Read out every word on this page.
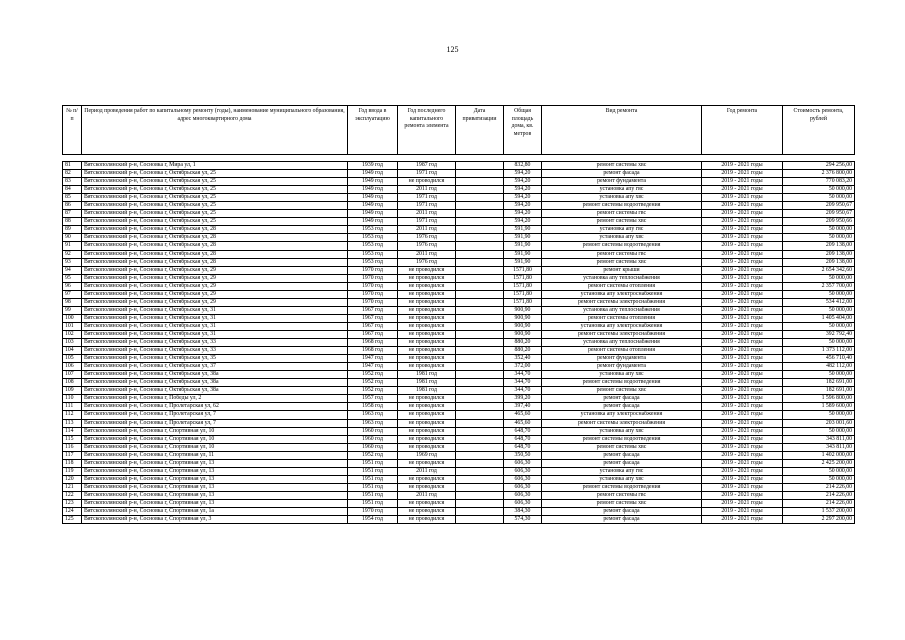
125
№ п/п	Период проведения работ по капитальному ремонту (годы), наименование муниципального образования, адрес многоквартирного дома	Год ввода в эксплуатацию	Год последнего капитального ремонта элемента	Дата приватизации	Общая площадь дома, кв. метров	Вид ремонта	Год ремонта	Стоимость ремонта, рублей

81	Вятскополянский р-н, Сосновка г, Мира ул, 1	1939 год	1987 год		832,80	ремонт системы хвс	2019 - 2021 годы	294 256,00
82	Вятскополянский р-н, Сосновка г, Октябрьская ул, 25	1949 год	1971 год		594,20	ремонт фасада	2019 - 2021 годы	2 376 800,00
83	Вятскополянский р-н, Сосновка г, Октябрьская ул, 25	1949 год	не проводился		594,20	ремонт фундамента	2019 - 2021 годы	770 083,20
84	Вятскополянский р-н, Сосновка г, Октябрьская ул, 25	1949 год	2011 год		594,20	установка апу гвс	2019 - 2021 годы	50 000,00
85	Вятскополянский р-н, Сосновка г, Октябрьская ул, 25	1949 год	1971 год		594,20	установка апу хвс	2019 - 2021 годы	50 000,00
86	Вятскополянский р-н, Сосновка г, Октябрьская ул, 25	1949 год	1971 год		594,20	ремонт системы водоотведения	2019 - 2021 годы	209 950,67
87	Вятскополянский р-н, Сосновка г, Октябрьская ул, 25	1949 год	2011 год		594,20	ремонт системы гвс	2019 - 2021 годы	209 950,67
88	Вятскополянский р-н, Сосновка г, Октябрьская ул, 25	1949 год	1971 год		594,20	ремонт системы хвс	2019 - 2021 годы	209 950,66
89	Вятскополянский р-н, Сосновка г, Октябрьская ул, 28	1953 год	2011 год		591,90	установка апу гвс	2019 - 2021 годы	50 000,00
90	Вятскополянский р-н, Сосновка г, Октябрьская ул, 28	1953 год	1976 год		591,90	установка апу хвс	2019 - 2021 годы	50 000,00
91	Вятскополянский р-н, Сосновка г, Октябрьская ул, 28	1953 год	1976 год		591,90	ремонт системы водоотведения	2019 - 2021 годы	209 138,00
92	Вятскополянский р-н, Сосновка г, Октябрьская ул, 28	1953 год	2011 год		591,90	ремонт системы гвс	2019 - 2021 годы	209 138,00
93	Вятскополянский р-н, Сосновка г, Октябрьская ул, 28	1953 год	1976 год		591,90	ремонт системы хвс	2019 - 2021 годы	209 138,00
94	Вятскополянский р-н, Сосновка г, Октябрьская ул, 29	1970 год	не проводился		1571,80	ремонт крыши	2019 - 2021 годы	2 654 342,60
95	Вятскополянский р-н, Сосновка г, Октябрьская ул, 29	1970 год	не проводился		1571,80	установка апу теплоснабжения	2019 - 2021 годы	50 000,00
96	Вятскополянский р-н, Сосновка г, Октябрьская ул, 29	1970 год	не проводился		1571,80	ремонт системы отопления	2019 - 2021 годы	2 357 700,00
97	Вятскополянский р-н, Сосновка г, Октябрьская ул, 29	1970 год	не проводился		1571,80	установка апу электроснабжения	2019 - 2021 годы	50 000,00
98	Вятскополянский р-н, Сосновка г, Октябрьская ул, 29	1970 год	не проводился		1571,80	ремонт системы электроснабжения	2019 - 2021 годы	534 412,00
99	Вятскополянский р-н, Сосновка г, Октябрьская ул, 31	1967 год	не проводился		900,90	установка апу теплоснабжения	2019 - 2021 годы	50 000,00
100	Вятскополянский р-н, Сосновка г, Октябрьская ул, 31	1967 год	не проводился		900,90	ремонт системы отопления	2019 - 2021 годы	1 405 404,00
101	Вятскополянский р-н, Сосновка г, Октябрьская ул, 31	1967 год	не проводился		900,90	установка апу электроснабжения	2019 - 2021 годы	50 000,00
102	Вятскополянский р-н, Сосновка г, Октябрьская ул, 31	1967 год	не проводился		900,90	ремонт системы электроснабжения	2019 - 2021 годы	392 792,40
103	Вятскополянский р-н, Сосновка г, Октябрьская ул, 33	1968 год	не проводился		880,20	установка апу теплоснабжения	2019 - 2021 годы	50 000,00
104	Вятскополянский р-н, Сосновка г, Октябрьская ул, 33	1968 год	не проводился		880,20	ремонт системы отопления	2019 - 2021 годы	1 373 112,00
105	Вятскополянский р-н, Сосновка г, Октябрьская ул, 35	1947 год	не проводился		352,40	ремонт фундамента	2019 - 2021 годы	456 710,40
106	Вятскополянский р-н, Сосновка г, Октябрьская ул, 37	1947 год	не проводился		372,00	ремонт фундамента	2019 - 2021 годы	482 112,00
107	Вятскополянский р-н, Сосновка г, Октябрьская ул, 38а	1952 год	1981 год		344,70	установка апу хвс	2019 - 2021 годы	50 000,00
108	Вятскополянский р-н, Сосновка г, Октябрьская ул, 38а	1952 год	1981 год		344,70	ремонт системы водоотведения	2019 - 2021 годы	182 691,00
109	Вятскополянский р-н, Сосновка г, Октябрьская ул, 38а	1952 год	1981 год		344,70	ремонт системы хвс	2019 - 2021 годы	182 691,00
110	Вятскополянский р-н, Сосновка г, Победы ул, 2	1957 год	не проводился		399,20	ремонт фасада	2019 - 2021 годы	1 596 800,00
111	Вятскополянский р-н, Сосновка г, Пролетарская ул, 62	1958 год	не проводился		397,40	ремонт фасада	2019 - 2021 годы	1 589 600,00
112	Вятскополянский р-н, Сосновка г, Пролетарская ул, 7	1963 год	не проводился		465,60	установка апу электроснабжения	2019 - 2021 годы	50 000,00
113	Вятскополянский р-н, Сосновка г, Пролетарская ул, 7	1963 год	не проводился		465,60	ремонт системы электроснабжения	2019 - 2021 годы	203 001,60
114	Вятскополянский р-н, Сосновка г, Спортивная ул, 10	1960 год	не проводился		648,70	установка апу хвс	2019 - 2021 годы	50 000,00
115	Вятскополянский р-н, Сосновка г, Спортивная ул, 10	1960 год	не проводился		648,70	ремонт системы водоотведения	2019 - 2021 годы	343 811,00
116	Вятскополянский р-н, Сосновка г, Спортивная ул, 10	1960 год	не проводился		648,70	ремонт системы хвс	2019 - 2021 годы	343 811,00
117	Вятскополянский р-н, Сосновка г, Спортивная ул, 11	1952 год	1969 год		350,50	ремонт фасада	2019 - 2021 годы	1 402 000,00
118	Вятскополянский р-н, Сосновка г, Спортивная ул, 13	1951 год	не проводился		606,30	ремонт фасада	2019 - 2021 годы	2 425 200,00
119	Вятскополянский р-н, Сосновка г, Спортивная ул, 13	1951 год	2011 год		606,30	установка апу гвс	2019 - 2021 годы	50 000,00
120	Вятскополянский р-н, Сосновка г, Спортивная ул, 13	1951 год	не проводился		606,30	установка апу хвс	2019 - 2021 годы	50 000,00
121	Вятскополянский р-н, Сосновка г, Спортивная ул, 13	1951 год	не проводился		606,30	ремонт системы водоотведения	2019 - 2021 годы	214 226,00
122	Вятскополянский р-н, Сосновка г, Спортивная ул, 13	1951 год	2011 год		606,30	ремонт системы гвс	2019 - 2021 годы	214 226,00
123	Вятскополянский р-н, Сосновка г, Спортивная ул, 13	1951 год	не проводился		606,30	ремонт системы хвс	2019 - 2021 годы	214 226,00
124	Вятскополянский р-н, Сосновка г, Спортивная ул, 1а	1970 год	не проводился		384,30	ремонт фасада	2019 - 2021 годы	1 537 200,00
125	Вятскополянский р-н, Сосновка г, Спортивная ул, 3	1954 год	не проводился		574,30	ремонт фасада	2019 - 2021 годы	2 297 200,00
